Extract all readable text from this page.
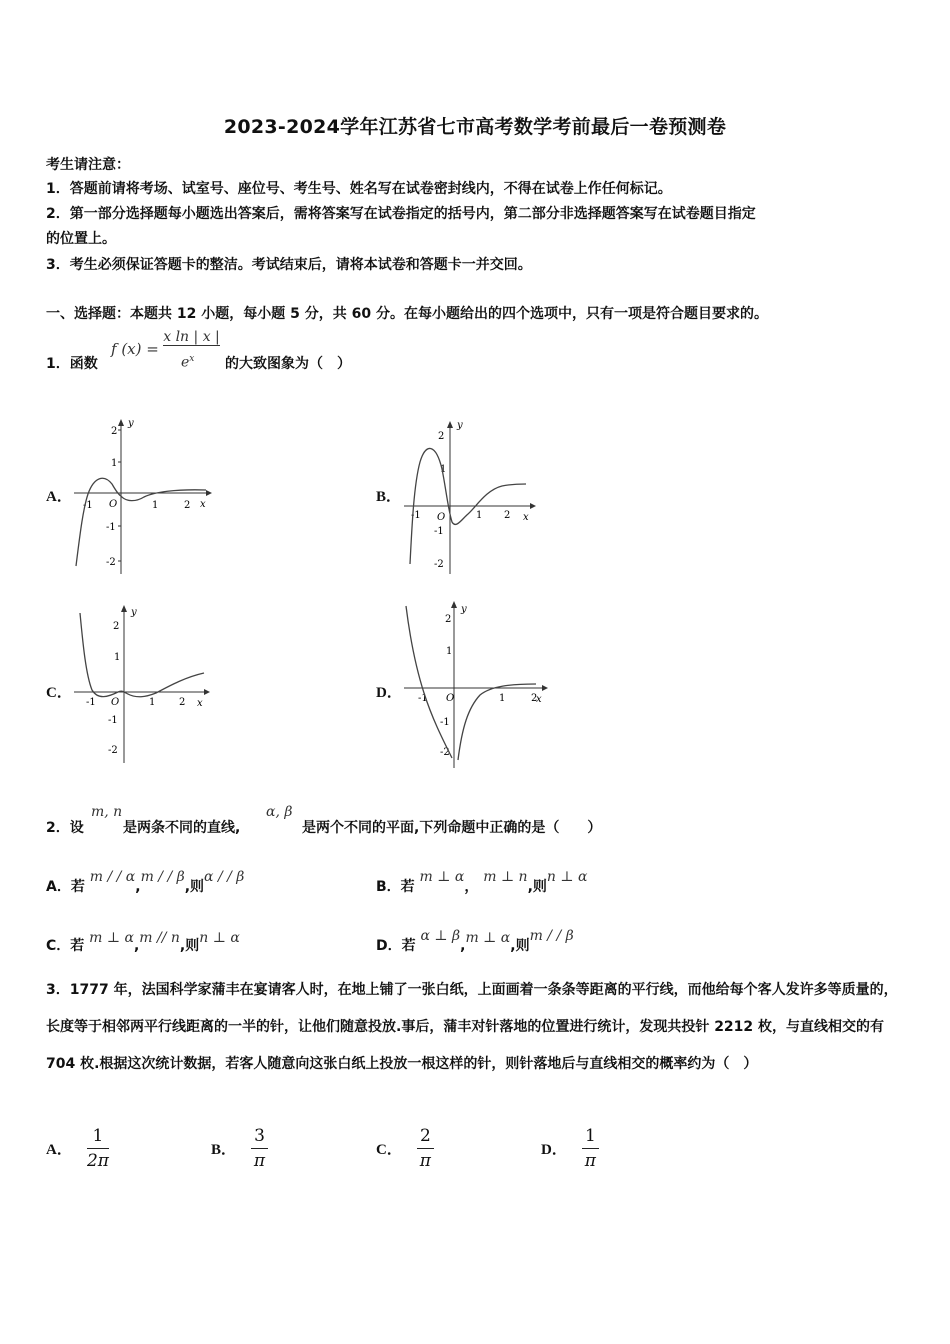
2023-2024学年江苏省七市高考数学考前最后一卷预测卷
考生请注意：
1．答题前请将考场、试室号、座位号、考生号、姓名写在试卷密封线内，不得在试卷上作任何标记。
2．第一部分选择题每小题选出答案后，需将答案写在试卷指定的括号内，第二部分非选择题答案写在试卷题目指定
的位置上。
3．考生必须保证答题卡的整洁。考试结束后，请将本试卷和答题卡一并交回。
一、选择题：本题共 12 小题，每小题 5 分，共 60 分。在每小题给出的四个选项中，只有一项是符合题目要求的。
1．函数
f (x) =
x ln | x |
$e^x$ 的大致图象为（　）
A．	B．
C．	D．
y
x
O
2
1
-1
-2
-1	1	2
y
x
O
2
1
-1
-2
-1	1 2
y
x
O
2
1
-1
-2
-1	1 2
y
x
O
2
1
-1
-2
-1	1	2
2．设
m, n
是两条不同的直线,
α, β
是两个不同的平面,下列命题中正确的是（　　）
A．若 m / / α,m / / β,则α / / β
B．若 m ⊥ α， m ⊥ n,则n ⊥ α
C．若 m ⊥ α,m // n,则n ⊥ α	D．若 α ⊥ β,m ⊥ α,则m / / β
3．1777 年，法国科学家蒲丰在宴请客人时，在地上铺了一张白纸，上面画着一条条等距离的平行线，而他给每个客人发许多等质量的，长度等于相邻两平行线距离的一半的针，让他们随意投放.事后，蒲丰对针落地的位置进行统计，发现共投针 2212 枚，与直线相交的有 704 枚.根据这次统计数据，若客人随意向这张白纸上投放一根这样的针，则针落地后与直线相交的概率约为（　）
A． $\frac{1}{2\pi}$	B． $\frac{3}{\pi}$	C． $\frac{2}{\pi}$	D． $\frac{1}{\pi}$
